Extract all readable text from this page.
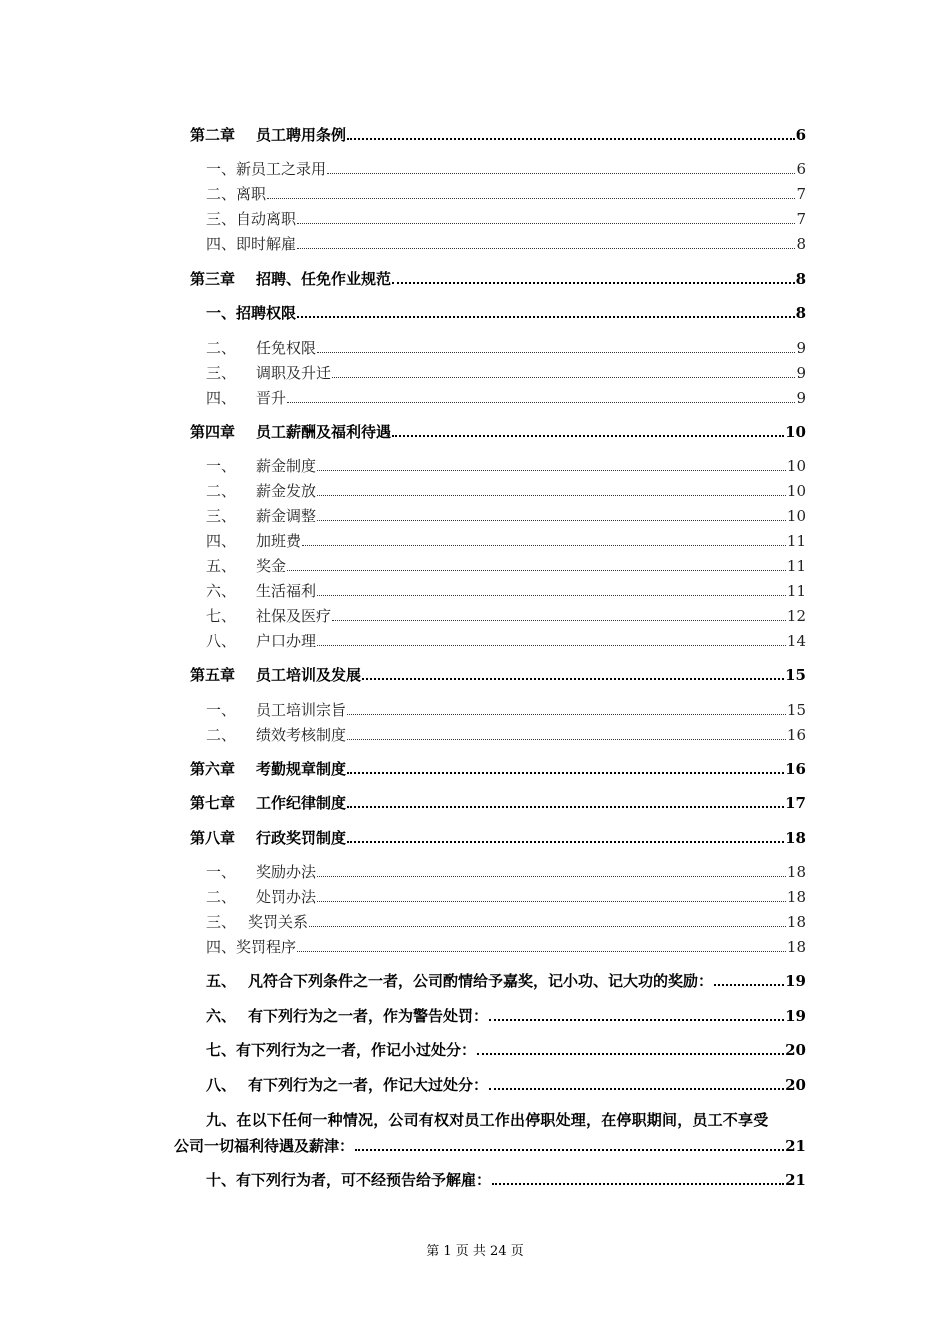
第二章	员工聘用条例	6
一、 新员工之录用	6
二、 离职	7
三、 自动离职	7
四、 即时解雇	8
第三章	招聘、任免作业规范	8
一、 招聘权限	8
二、	任免权限	9
三、	调职及升迁	9
四、	晋升	9
第四章	员工薪酬及福利待遇	10
一、	薪金制度	10
二、	薪金发放	10
三、	薪金调整	10
四、	加班费	11
五、	奖金	11
六、	生活福利	11
七、	社保及医疗	12
八、	户口办理	14
第五章	员工培训及发展	15
一、	员工培训宗旨	15
二、	绩效考核制度	16
第六章	考勤规章制度	16
第七章	工作纪律制度	17
第八章	行政奖罚制度	18
一、	奖励办法	18
二、	处罚办法	18
三、 奖罚关系	18
四、 奖罚程序	18
五、 凡符合下列条件之一者，公司酌情给予嘉奖，记小功、记大功的奖励：	19
六、 有下列行为之一者，作为警告处罚：	19
七、 有下列行为之一者，作记小过处分：	20
八、 有下列行为之一者，作记大过处分：	20
九、在以下任何一种情况，公司有权对员工作出停职处理，在停职期间，员工不享受
公司一切福利待遇及薪津：	21
十、 有下列行为者，可不经预告给予解雇：	21
第 1 页 共 24 页
